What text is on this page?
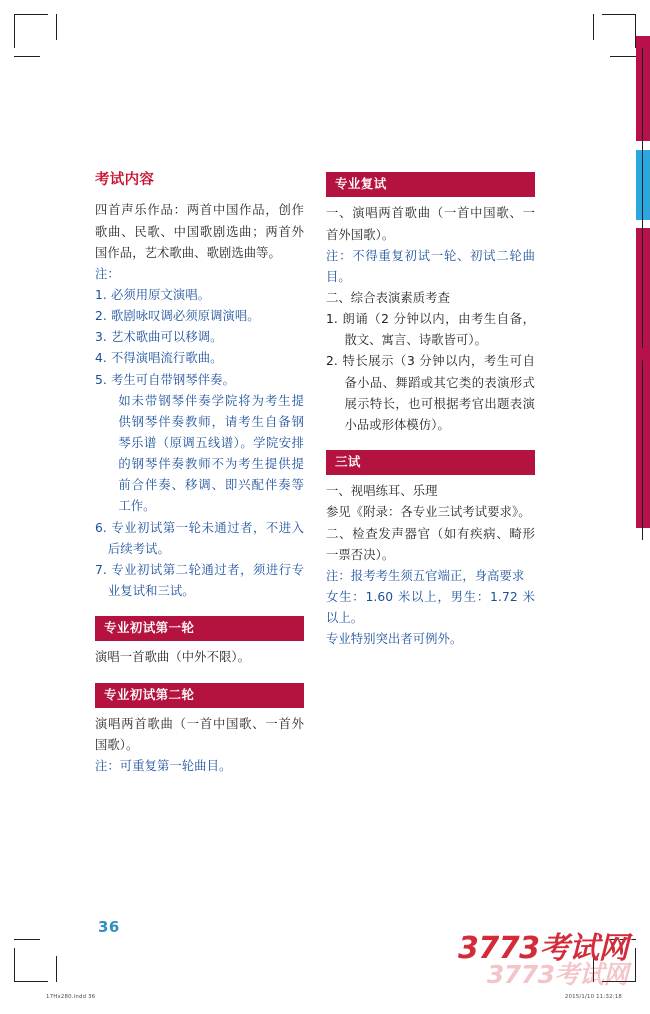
考试内容

四首声乐作品：两首中国作品，创作歌曲、民歌、中国歌剧选曲；两首外国作品，艺术歌曲、歌剧选曲等。

注：

1. 必须用原文演唱。

2. 歌剧咏叹调必须原调演唱。

3. 艺术歌曲可以移调。

4. 不得演唱流行歌曲。

5. 考生可自带钢琴伴奏。

如未带钢琴伴奏学院将为考生提供钢琴伴奏教师，请考生自备钢琴乐谱（原调五线谱）。学院安排的钢琴伴奏教师不为考生提供提前合伴奏、移调、即兴配伴奏等工作。

6. 专业初试第一轮未通过者，不进入后续考试。

7. 专业初试第二轮通过者，须进行专业复试和三试。

专业初试第一轮

演唱一首歌曲（中外不限）。

专业初试第二轮

演唱两首歌曲（一首中国歌、一首外国歌）。

注：可重复第一轮曲目。

专业复试

一、演唱两首歌曲（一首中国歌、一首外国歌）。

注：不得重复初试一轮、初试二轮曲目。

二、综合表演素质考查

1. 朗诵（2 分钟以内，由考生自备，散文、寓言、诗歌皆可）。

2. 特长展示（3 分钟以内，考生可自备小品、舞蹈或其它类的表演形式展示特长，也可根据考官出题表演小品或形体模仿）。

三试

一、视唱练耳、乐理

参见《附录：各专业三试考试要求》。

二、检查发声器官（如有疾病、畸形一票否决）。

注：报考考生须五官端正，身高要求

女生：1.60 米以上，男生：1.72 米以上。

专业特别突出者可例外。

36
17Hx280.indd 36	2015/1/10 11:32:18
3773考试网
3773考试网
